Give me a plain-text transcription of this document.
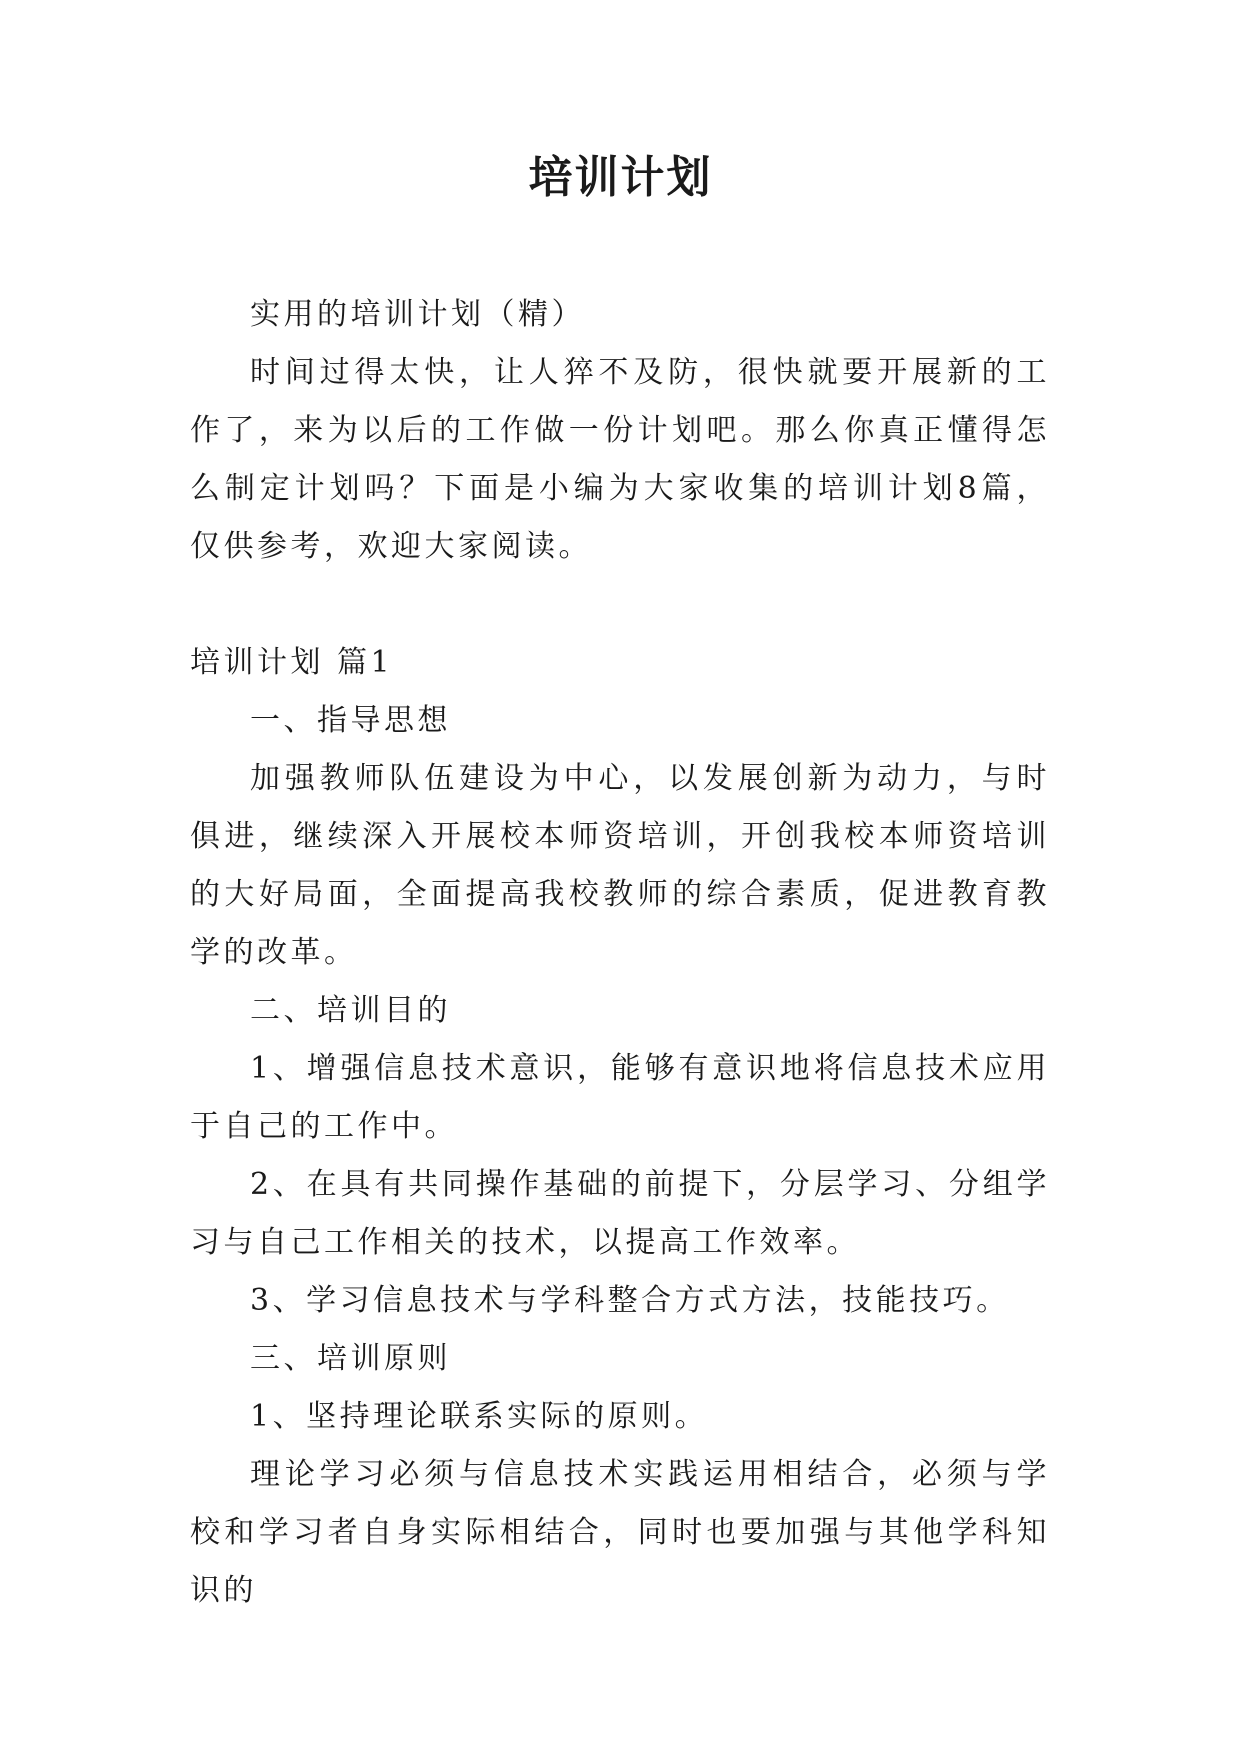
培训计划

实用的培训计划（精）

时间过得太快，让人猝不及防，很快就要开展新的工作了，来为以后的工作做一份计划吧。那么你真正懂得怎么制定计划吗？下面是小编为大家收集的培训计划8篇，仅供参考，欢迎大家阅读。

培训计划 篇1

一、指导思想

加强教师队伍建设为中心，以发展创新为动力，与时俱进，继续深入开展校本师资培训，开创我校本师资培训的大好局面，全面提高我校教师的综合素质，促进教育教学的改革。

二、培训目的

1、增强信息技术意识，能够有意识地将信息技术应用于自己的工作中。

2、在具有共同操作基础的前提下，分层学习、分组学习与自己工作相关的技术，以提高工作效率。

3、学习信息技术与学科整合方式方法，技能技巧。

三、培训原则

1、坚持理论联系实际的原则。

理论学习必须与信息技术实践运用相结合，必须与学校和学习者自身实际相结合，同时也要加强与其他学科知识的
